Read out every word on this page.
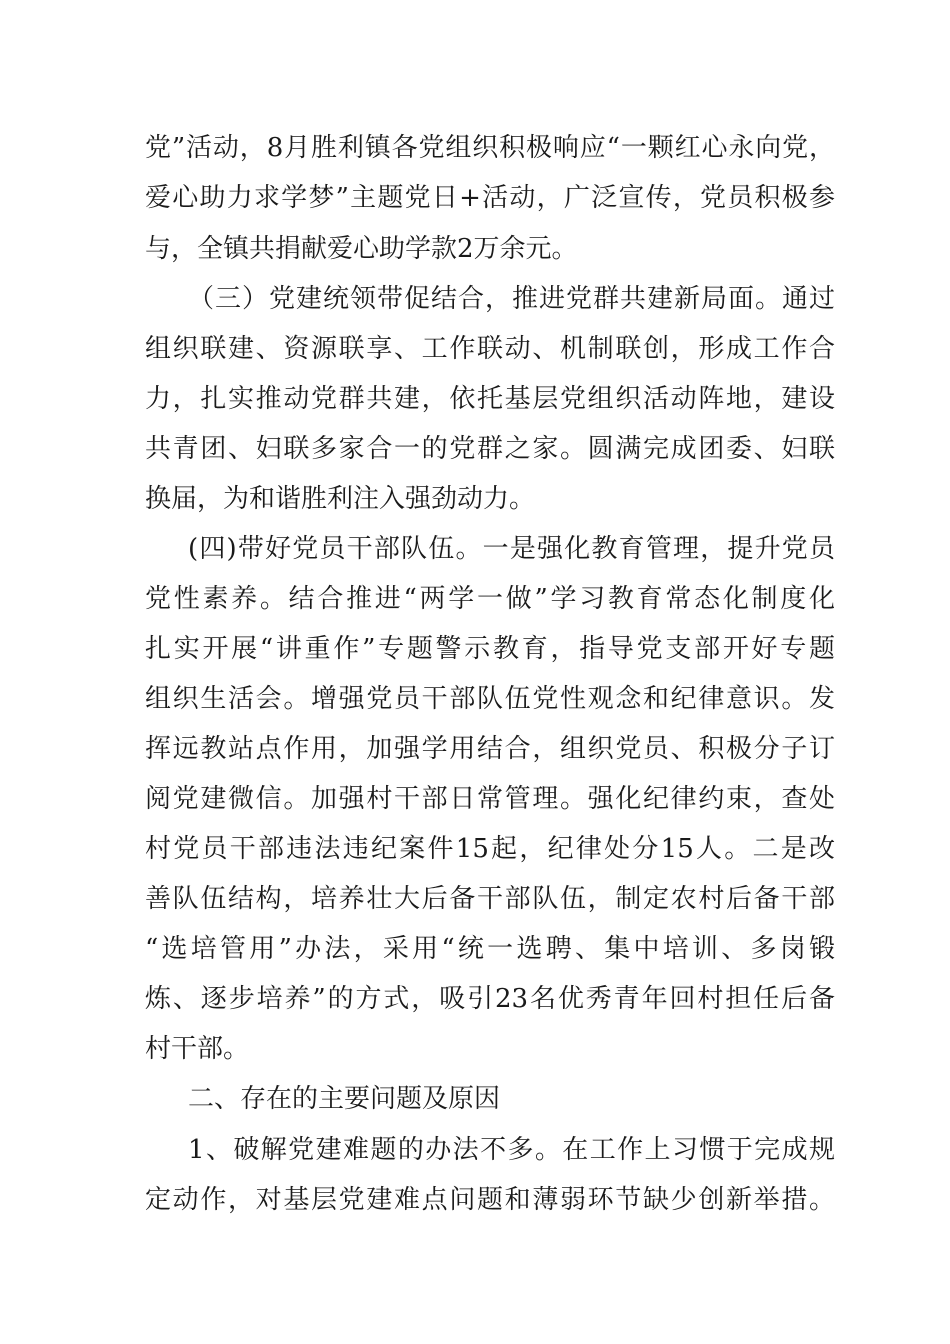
党”活动，8月胜利镇各党组织积极响应“一颗红心永向党，
爱心助力求学梦”主题党日+活动，广泛宣传，党员积极参
与，全镇共捐献爱心助学款2万余元。
（三）党建统领带促结合，推进党群共建新局面。通过
组织联建、资源联享、工作联动、机制联创，形成工作合
力，扎实推动党群共建，依托基层党组织活动阵地，建设
共青团、妇联多家合一的党群之家。圆满完成团委、妇联
换届，为和谐胜利注入强劲动力。
(四)带好党员干部队伍。一是强化教育管理，提升党员
党性素养。结合推进“两学一做”学习教育常态化制度化
扎实开展“讲重作”专题警示教育，指导党支部开好专题
组织生活会。增强党员干部队伍党性观念和纪律意识。发
挥远教站点作用，加强学用结合，组织党员、积极分子订
阅党建微信。加强村干部日常管理。强化纪律约束，查处
村党员干部违法违纪案件15起，纪律处分15人。二是改
善队伍结构，培养壮大后备干部队伍，制定农村后备干部
“选培管用”办法，采用“统一选聘、集中培训、多岗锻
炼、逐步培养”的方式，吸引23名优秀青年回村担任后备
村干部。
二、存在的主要问题及原因
1、破解党建难题的办法不多。在工作上习惯于完成规
定动作，对基层党建难点问题和薄弱环节缺少创新举措。
